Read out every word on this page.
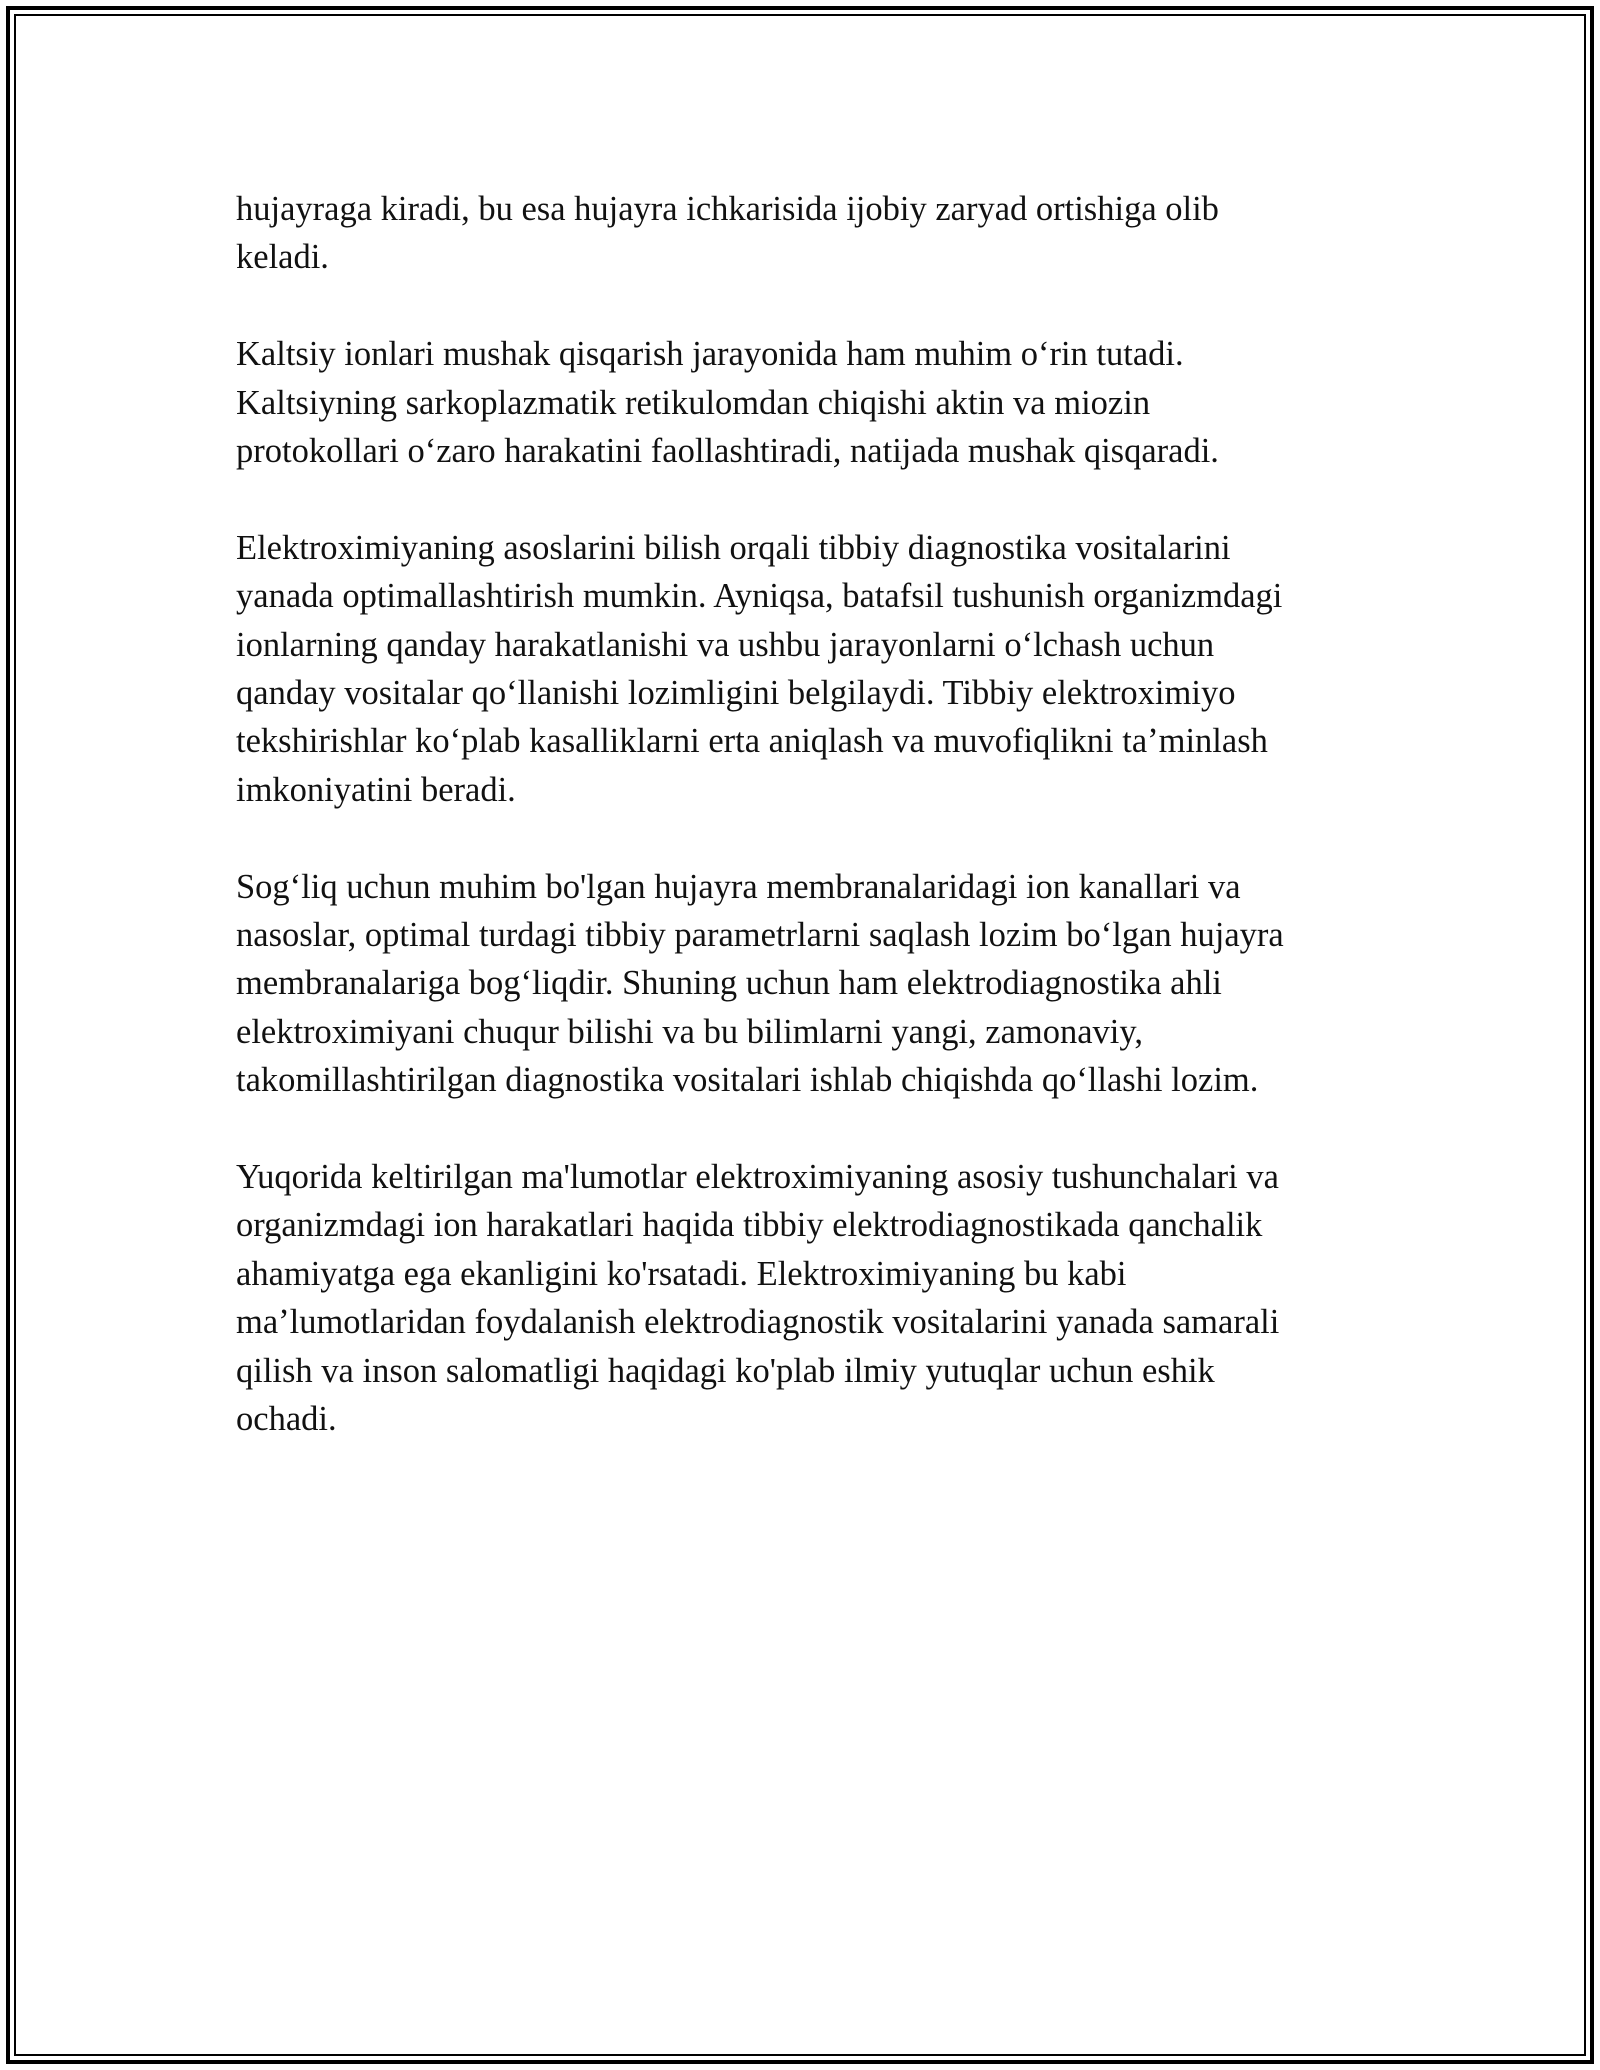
hujayraga kiradi, bu esa hujayra ichkarisida ijobiy zaryad ortishiga olib
keladi.

Kaltsiy ionlari mushak qisqarish jarayonida ham muhim oʻrin tutadi.
Kaltsiyning sarkoplazmatik retikulomdan chiqishi aktin va miozin
protokollari oʻzaro harakatini faollashtiradi, natijada mushak qisqaradi.

Elektroximiyaning asoslarini bilish orqali tibbiy diagnostika vositalarini
yanada optimallashtirish mumkin. Ayniqsa, batafsil tushunish organizmdagi
ionlarning qanday harakatlanishi va ushbu jarayonlarni oʻlchash uchun
qanday vositalar qoʻllanishi lozimligini belgilaydi. Tibbiy elektroximiyo
tekshirishlar koʻplab kasalliklarni erta aniqlash va muvofiqlikni taʼminlash
imkoniyatini beradi.

Sogʻliq uchun muhim bo'lgan hujayra membranalaridagi ion kanallari va
nasoslar, optimal turdagi tibbiy parametrlarni saqlash lozim boʻlgan hujayra
membranalariga bogʻliqdir. Shuning uchun ham elektrodiagnostika ahli
elektroximiyani chuqur bilishi va bu bilimlarni yangi, zamonaviy,
takomillashtirilgan diagnostika vositalari ishlab chiqishda qoʻllashi lozim.

Yuqorida keltirilgan ma'lumotlar elektroximiyaning asosiy tushunchalari va
organizmdagi ion harakatlari haqida tibbiy elektrodiagnostikada qanchalik
ahamiyatga ega ekanligini ko'rsatadi. Elektroximiyaning bu kabi
maʼlumotlaridan foydalanish elektrodiagnostik vositalarini yanada samarali
qilish va inson salomatligi haqidagi ko'plab ilmiy yutuqlar uchun eshik
ochadi.
